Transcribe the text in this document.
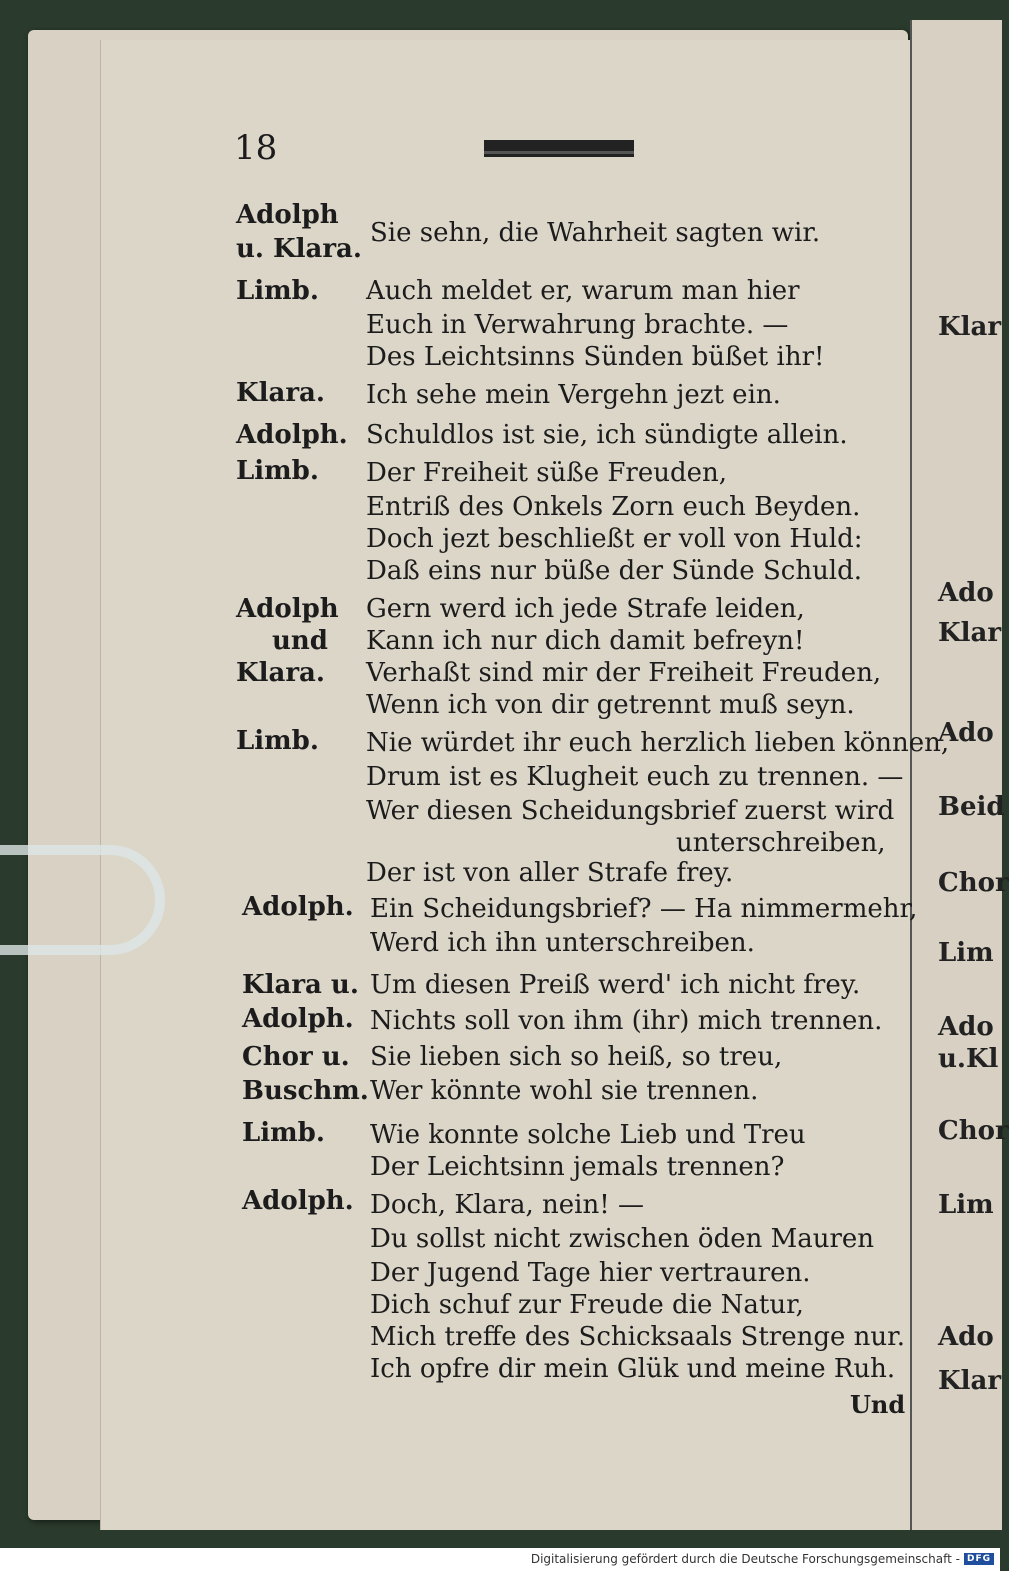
Klar
Ado
Klar
Ado
Beid
Chor
Lim
Ado
u.Kl
Chor
Lim
Ado
Klar
18
Adolph
u. Klara.
Limb.
Klara.
Adolph.
Limb.
Adolph
und
Klara.
Limb.
Adolph.
Klara u.
Adolph.
Chor u.
Buschm.
Limb.
Adolph.
Sie sehn, die Wahrheit sagten wir.
Auch meldet er, warum man hier
Euch in Verwahrung brachte. —
Des Leichtsinns Sünden büßet ihr!
Ich sehe mein Vergehn jezt ein.
Schuldlos ist sie, ich sündigte allein.
Der Freiheit süße Freuden,
Entriß des Onkels Zorn euch Beyden.
Doch jezt beschließt er voll von Huld:
Daß eins nur büße der Sünde Schuld.
Gern werd ich jede Strafe leiden,
Kann ich nur dich damit befreyn!
Verhaßt sind mir der Freiheit Freuden,
Wenn ich von dir getrennt muß seyn.
Nie würdet ihr euch herzlich lieben können,
Drum ist es Klugheit euch zu trennen. —
Wer diesen Scheidungsbrief zuerst wird
unterschreiben,
Der ist von aller Strafe frey.
Ein Scheidungsbrief? — Ha nimmermehr,
Werd ich ihn unterschreiben.
Um diesen Preiß werd' ich nicht frey.
Nichts soll von ihm (ihr) mich trennen.
Sie lieben sich so heiß, so treu,
Wer könnte wohl sie trennen.
Wie konnte solche Lieb und Treu
Der Leichtsinn jemals trennen?
Doch, Klara, nein! —
Du sollst nicht zwischen öden Mauren
Der Jugend Tage hier vertrauren.
Dich schuf zur Freude die Natur,
Mich treffe des Schicksaals Strenge nur.
Ich opfre dir mein Glük und meine Ruh.
Und
Digitalisierung gefördert durch die Deutsche Forschungsgemeinschaft - DFG
